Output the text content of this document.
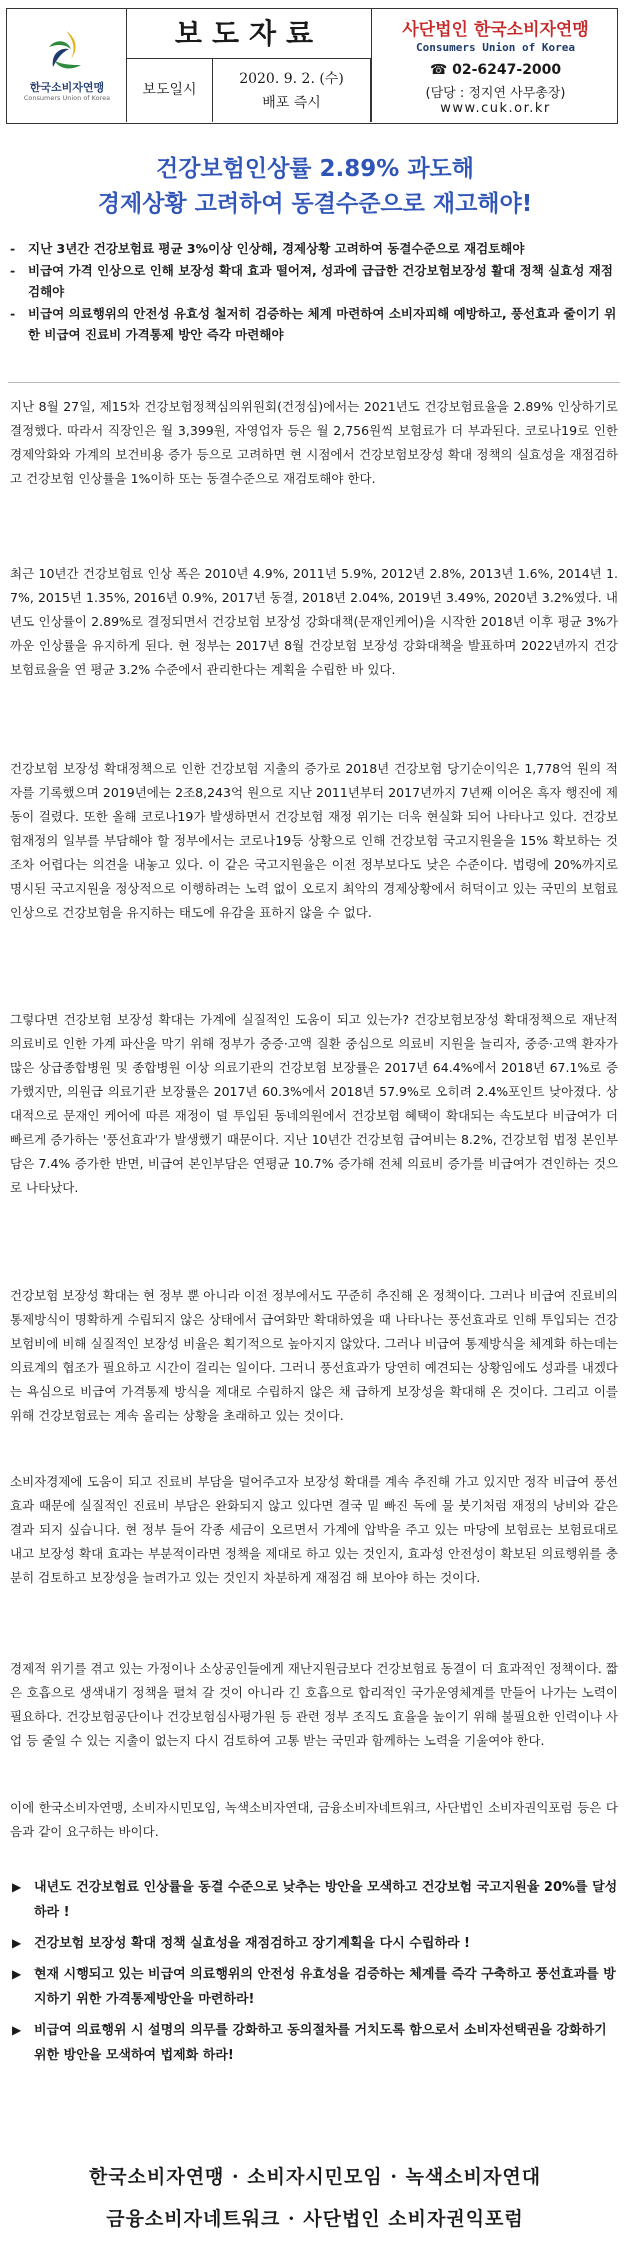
한국소비자연맹
Consumers Union of Korea
보도자료
보도일시
2020. 9. 2. (수)
배포 즉시
사단법인 한국소비자연맹
Consumers Union of Korea
☎ 02-6247-2000
(담당 : 정지연 사무총장)
www.cuk.or.kr
건강보험인상률 2.89% 과도해
경제상황 고려하여 동결수준으로 재고해야!
- 지난 3년간 건강보험료 평균 3%이상 인상해, 경제상황 고려하여 동결수준으로 재검토해야
- 비급여 가격 인상으로 인해 보장성 확대 효과 떨어져, 성과에 급급한 건강보험보장성 활대 정책 실효성 재점검해야
- 비급여 의료행위의 안전성 유효성 철저히 검증하는 체계 마련하여 소비자피해 예방하고, 풍선효과 줄이기 위한 비급여 진료비 가격통제 방안 즉각 마련해야

지난 8월 27일, 제15차 건강보험정책심의위원회(건정심)에서는 2021년도 건강보험료율을 2.89% 인상하기로 결정했다. 따라서 직장인은 월 3,399원, 자영업자 등은 월 2,756원씩 보험료가 더 부과된다. 코로나19로 인한 경제악화와 가계의 보건비용 증가 등으로 고려하면 현 시점에서 건강보험보장성 확대 정책의 실효성을 재점검하고 건강보험 인상률을 1%이하 또는 동결수준으로 재검토해야 한다.

최근 10년간 건강보험료 인상 폭은 2010년 4.9%, 2011년 5.9%, 2012년 2.8%, 2013년 1.6%, 2014년 1.7%, 2015년 1.35%, 2016년 0.9%, 2017년 동결, 2018년 2.04%, 2019년 3.49%, 2020년 3.2%였다. 내년도 인상률이 2.89%로 결정되면서 건강보험 보장성 강화대책(문재인케어)을 시작한 2018년 이후 평균 3%가까운 인상률을 유지하게 된다. 현 정부는 2017년 8월 건강보험 보장성 강화대책을 발표하며 2022년까지 건강보험료율을 연 평균 3.2% 수준에서 관리한다는 계획을 수립한 바 있다.

건강보험 보장성 확대정책으로 인한 건강보험 지출의 증가로 2018년 건강보험 당기순이익은 1,778억 원의 적자를 기록했으며 2019년에는 2조8,243억 원으로 지난 2011년부터 2017년까지 7년째 이어온 흑자 행진에 제동이 걸렸다. 또한 올해 코로나19가 발생하면서 건강보험 재정 위기는 더욱 현실화 되어 나타나고 있다. 건강보험재정의 일부를 부담해야 할 정부에서는 코로나19등 상황으로 인해 건강보험 국고지원을을 15% 확보하는 것조차 어렵다는 의견을 내놓고 있다. 이 같은 국고지원율은 이전 정부보다도 낮은 수준이다. 법령에 20%까지로 명시된 국고지원을 정상적으로 이행하려는 노력 없이 오로지 최악의 경제상황에서 허덕이고 있는 국민의 보험료 인상으로 건강보험을 유지하는 태도에 유감을 표하지 않을 수 없다.

그렇다면 건강보험 보장성 확대는 가계에 실질적인 도움이 되고 있는가? 건강보험보장성 확대정책으로 재난적 의료비로 인한 가계 파산을 막기 위해 정부가 중증·고액 질환 중심으로 의료비 지원을 늘리자, 중증·고액 환자가 많은 상급종합병원 및 종합병원 이상 의료기관의 건강보험 보장률은 2017년 64.4%에서 2018년 67.1%로 증가했지만, 의원급 의료기관 보장률은 2017년 60.3%에서 2018년 57.9%로 오히려 2.4%포인트 낮아졌다. 상대적으로 문재인 케어에 따른 재정이 덜 투입된 동네의원에서 건강보험 혜택이 확대되는 속도보다 비급여가 더 빠르게 증가하는 '풍선효과'가 발생했기 때문이다. 지난 10년간 건강보험 급여비는 8.2%, 건강보험 법정 본인부담은 7.4% 증가한 반면, 비급여 본인부담은 연평균 10.7% 증가해 전체 의료비 증가를 비급여가 견인하는 것으로 나타났다.

건강보험 보장성 확대는 현 정부 뿐 아니라 이전 정부에서도 꾸준히 추진해 온 정책이다. 그러나 비급여 진료비의 통제방식이 명확하게 수립되지 않은 상태에서 급여화만 확대하였을 때 나타나는 풍선효과로 인해 투입되는 건강보험비에 비해 실질적인 보장성 비율은 획기적으로 높아지지 않았다. 그러나 비급여 통제방식을 체계화 하는데는 의료계의 협조가 필요하고 시간이 걸리는 일이다. 그러니 풍선효과가 당연히 예견되는 상황임에도 성과를 내겠다는 욕심으로 비급여 가격통제 방식을 제대로 수립하지 않은 채 급하게 보장성을 확대해 온 것이다. 그리고 이를 위해 건강보험료는 계속 올리는 상황을 초래하고 있는 것이다.

소비자경제에 도움이 되고 진료비 부담을 덜어주고자 보장성 확대를 계속 추진해 가고 있지만 정작 비급여 풍선효과 때문에 실질적인 진료비 부담은 완화되지 않고 있다면 결국 밑 빠진 독에 물 붓기처럼 재정의 낭비와 같은 결과 되지 싶습니다. 현 정부 들어 각종 세금이 오르면서 가계에 압박을 주고 있는 마당에 보험료는 보험료대로 내고 보장성 확대 효과는 부분적이라면 정책을 제대로 하고 있는 것인지, 효과성 안전성이 확보된 의료행위를 충분히 검토하고 보장성을 늘려가고 있는 것인지 차분하게 재점검 해 보아야 하는 것이다.

경제적 위기를 겪고 있는 가정이나 소상공인들에게 재난지원금보다 건강보험료 동결이 더 효과적인 정책이다. 짧은 호흡으로 생색내기 정책을 펼쳐 갈 것이 아니라 긴 호흡으로 합리적인 국가운영체계를 만들어 나가는 노력이 필요하다. 건강보험공단이나 건강보험심사평가원 등 관련 정부 조직도 효율을 높이기 위해 불필요한 인력이나 사업 등 줄일 수 있는 지출이 없는지 다시 검토하여 고통 받는 국민과 함께하는 노력을 기울여야 한다.

이에 한국소비자연맹, 소비자시민모임, 녹색소비자연대, 금융소비자네트워크, 사단법인 소비자권익포럼 등은 다음과 같이 요구하는 바이다.

▶ 내년도 건강보험료 인상률을 동결 수준으로 낮추는 방안을 모색하고 건강보험 국고지원율 20%를 달성하라 !
▶ 건강보험 보장성 확대 정책 실효성을 재점검하고 장기계획을 다시 수립하라 !
▶ 현재 시행되고 있는 비급여 의료행위의 안전성 유효성을 검증하는 체계를 즉각 구축하고 풍선효과를 방지하기 위한 가격통제방안을 마련하라!
▶ 비급여 의료행위 시 설명의 의무를 강화하고 동의절차를 거치도록 함으로서 소비자선택권을 강화하기 위한 방안을 모색하여 법제화 하라!
한국소비자연맹 · 소비자시민모임 · 녹색소비자연대
금융소비자네트워크 · 사단법인 소비자권익포럼
